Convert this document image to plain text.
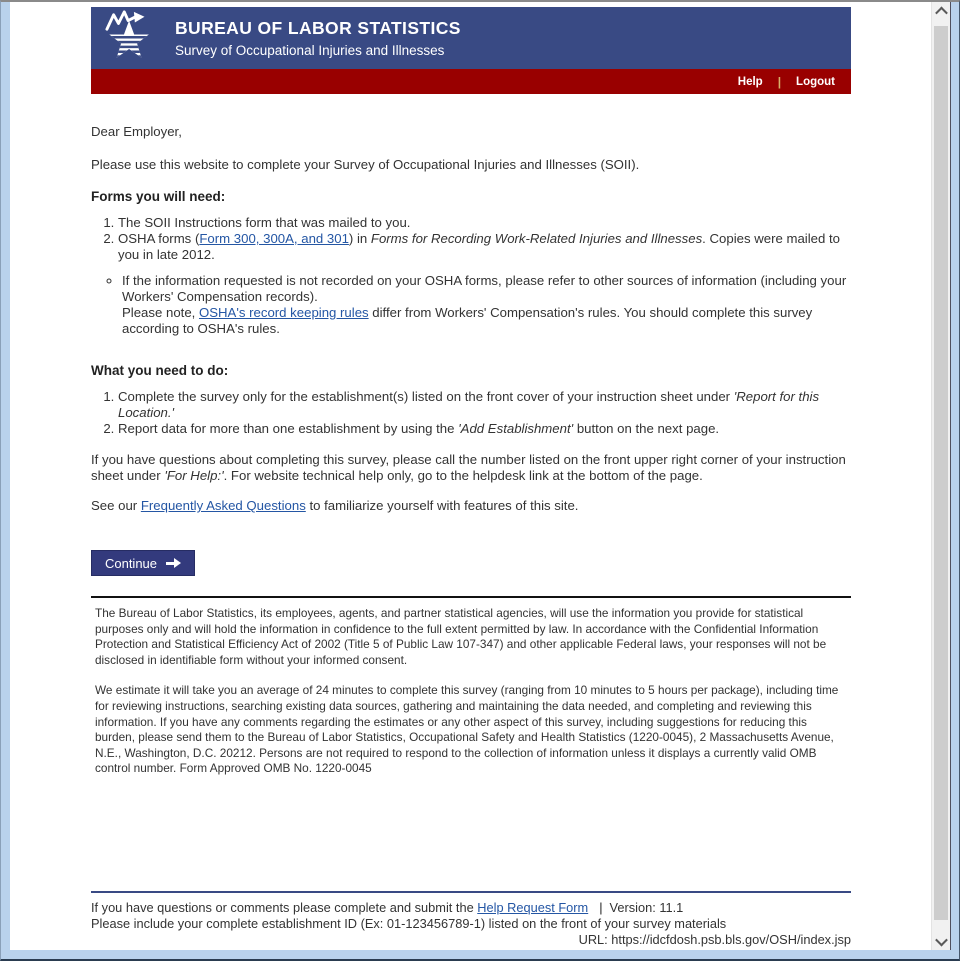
BUREAU OF LABOR STATISTICS
Survey of Occupational Injuries and Illnesses
Help | Logout

Dear Employer,

Please use this website to complete your Survey of Occupational Injuries and Illnesses (SOII).

Forms you will need:

1. The SOII Instructions form that was mailed to you.
2. OSHA forms (Form 300, 300A, and 301) in Forms for Recording Work-Related Injuries and Illnesses. Copies were mailed to you in late 2012.
◦ If the information requested is not recorded on your OSHA forms, please refer to other sources of information (including your Workers' Compensation records).
Please note, OSHA's record keeping rules differ from Workers' Compensation's rules. You should complete this survey according to OSHA's rules.

What you need to do:

1. Complete the survey only for the establishment(s) listed on the front cover of your instruction sheet under 'Report for this Location.'
2. Report data for more than one establishment by using the 'Add Establishment' button on the next page.

If you have questions about completing this survey, please call the number listed on the front upper right corner of your instruction sheet under 'For Help:'. For website technical help only, go to the helpdesk link at the bottom of the page.

See our Frequently Asked Questions to familiarize yourself with features of this site.

Continue

The Bureau of Labor Statistics, its employees, agents, and partner statistical agencies, will use the information you provide for statistical purposes only and will hold the information in confidence to the full extent permitted by law. In accordance with the Confidential Information Protection and Statistical Efficiency Act of 2002 (Title 5 of Public Law 107-347) and other applicable Federal laws, your responses will not be disclosed in identifiable form without your informed consent.

We estimate it will take you an average of 24 minutes to complete this survey (ranging from 10 minutes to 5 hours per package), including time for reviewing instructions, searching existing data sources, gathering and maintaining the data needed, and completing and reviewing this information. If you have any comments regarding the estimates or any other aspect of this survey, including suggestions for reducing this burden, please send them to the Bureau of Labor Statistics, Occupational Safety and Health Statistics (1220-0045), 2 Massachusetts Avenue, N.E., Washington, D.C. 20212. Persons are not required to respond to the collection of information unless it displays a currently valid OMB control number. Form Approved OMB No. 1220-0045

If you have questions or comments please complete and submit the Help Request Form | Version: 11.1

Please include your complete establishment ID (Ex: 01-123456789-1) listed on the front of your survey materials

URL: https://idcfdosh.psb.bls.gov/OSH/index.jsp
